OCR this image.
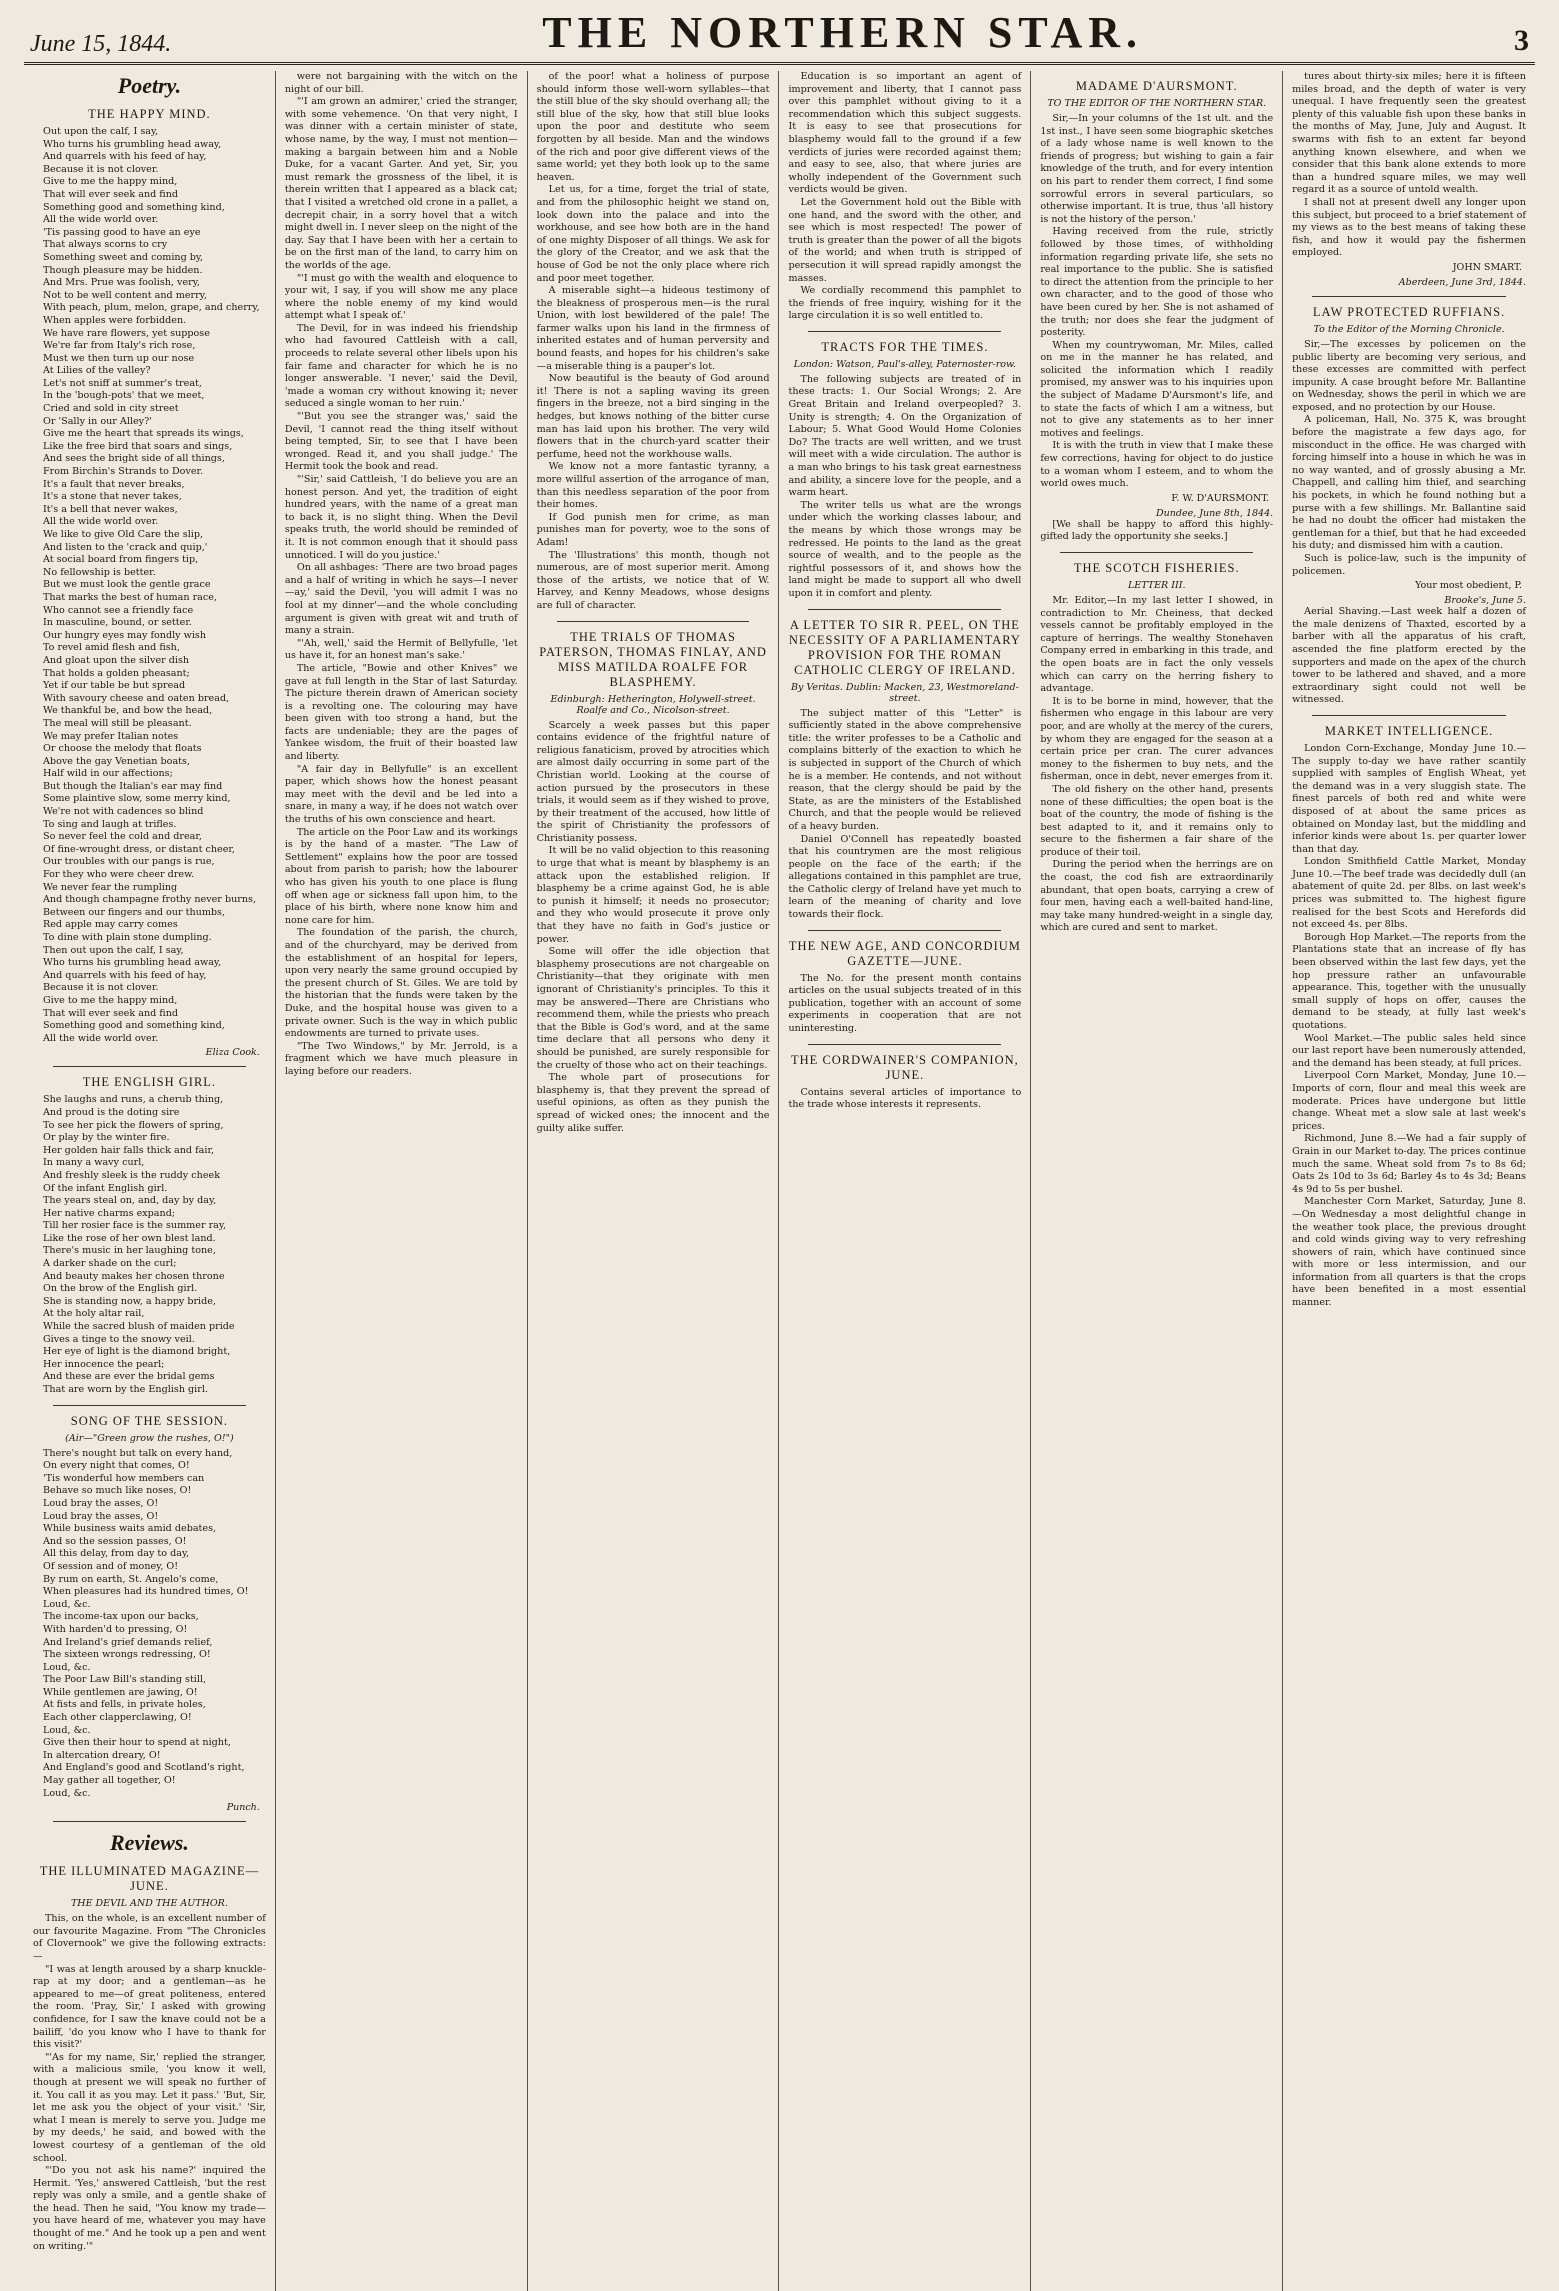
June 15, 1844.	THE NORTHERN STAR.	3
Poetry.
THE HAPPY MIND.
Out upon the calf, I say,
Who turns his grumbling head away,
And quarrels with his feed of hay,
Because it is not clover.
Give to me the happy mind,
That will ever seek and find
Something good and something kind,
All the wide world over.
'Tis passing good to have an eye
That always scorns to cry
Something sweet and coming by,
Though pleasure may be hidden.
And Mrs. Prue was foolish, very,
Not to be well content and merry,
With peach, plum, melon, grape, and cherry,
When apples were forbidden.
We have rare flowers, yet suppose
We're far from Italy's rich rose,
Must we then turn up our nose
At Lilies of the valley?
Let's not sniff at summer's treat,
In the 'bough-pots' that we meet,
Cried and sold in city street
Or 'Sally in our Alley?'
Give me the heart that spreads its wings,
Like the free bird that soars and sings,
And sees the bright side of all things,
From Birchin's Strands to Dover.
It's a fault that never breaks,
It's a stone that never takes,
It's a bell that never wakes,
All the wide world over.
We like to give Old Care the slip,
And listen to the 'crack and quip,'
At social board from fingers tip,
No fellowship is better.
But we must look the gentle grace
That marks the best of human race,
Who cannot see a friendly face
In masculine, bound, or setter.
Our hungry eyes may fondly wish
To revel amid flesh and fish,
And gloat upon the silver dish
That holds a golden pheasant;
Yet if our table be but spread
With savoury cheese and oaten bread,
We thankful be, and bow the head,
The meal will still be pleasant.
We may prefer Italian notes
Or choose the melody that floats
Above the gay Venetian boats,
Half wild in our affections;
But though the Italian's ear may find
Some plaintive slow, some merry kind,
We're not with cadences so blind
To sing and laugh at trifles.
So never feel the cold and drear,
Of fine-wrought dress, or distant cheer,
Our troubles with our pangs is rue,
For they who were cheer drew.
We never fear the rumpling
And though champagne frothy never burns,
Between our fingers and our thumbs,
Red apple may carry comes
To dine with plain stone dumpling.
Then out upon the calf, I say,
Who turns his grumbling head away,
And quarrels with his feed of hay,
Because it is not clover.
Give to me the happy mind,
That will ever seek and find
Something good and something kind,
All the wide world over.
Eliza Cook.
THE ENGLISH GIRL.
She laughs and runs, a cherub thing,
And proud is the doting sire
To see her pick the flowers of spring,
Or play by the winter fire.
Her golden hair falls thick and fair,
In many a wavy curl,
And freshly sleek is the ruddy cheek
Of the infant English girl.
The years steal on, and, day by day,
Her native charms expand;
Till her rosier face is the summer ray,
Like the rose of her own blest land.
There's music in her laughing tone,
A darker shade on the curl;
And beauty makes her chosen throne
On the brow of the English girl.
She is standing now, a happy bride,
At the holy altar rail,
While the sacred blush of maiden pride
Gives a tinge to the snowy veil.
Her eye of light is the diamond bright,
Her innocence the pearl;
And these are ever the bridal gems
That are worn by the English girl.
SONG OF THE SESSION.
(Air—"Green grow the rushes, O!")
There's nought but talk on every hand,
On every night that comes, O!
'Tis wonderful how members can
Behave so much like noses, O!
Loud bray the asses, O!
Loud bray the asses, O!
While business waits amid debates,
And so the session passes, O!
All this delay, from day to day,
Of session and of money, O!
By rum on earth, St. Angelo's come,
When pleasures had its hundred times, O!
Loud, &c.
The income-tax upon our backs,
With harden'd to pressing, O!
And Ireland's grief demands relief,
The sixteen wrongs redressing, O!
Loud, &c.
The Poor Law Bill's standing still,
While gentlemen are jawing, O!
At fists and fells, in private holes,
Each other clapperclawing, O!
Loud, &c.
Give then their hour to spend at night,
In altercation dreary, O!
And England's good and Scotland's right,
May gather all together, O!
Loud, &c.
Punch.
Reviews.
THE ILLUMINATED MAGAZINE—JUNE.
THE DEVIL AND THE AUTHOR.

This, on the whole, is an excellent number of our favourite Magazine. From "The Chronicles of Clovernook" we give the following extracts:—

"I was at length aroused by a sharp knuckle-rap at my door; and a gentleman—as he appeared to me—of great politeness, entered the room. 'Pray, Sir,' I asked with growing confidence, for I saw the knave could not be a bailiff, 'do you know who I have to thank for this visit?'

"'As for my name, Sir,' replied the stranger, with a malicious smile, 'you know it well, though at present we will speak no further of it. You call it as you may. Let it pass.' 'But, Sir, let me ask you the object of your visit.' 'Sir, what I mean is merely to serve you. Judge me by my deeds,' he said, and bowed with the lowest courtesy of a gentleman of the old school.

"'Do you not ask his name?' inquired the Hermit. 'Yes,' answered Cattleish, 'but the rest reply was only a smile, and a gentle shake of the head. Then he said, "You know my trade—you have heard of me, whatever you may have thought of me." And he took up a pen and went on writing.'"

were not bargaining with the witch on the night of our bill.

"'I am grown an admirer,' cried the stranger, with some vehemence. 'On that very night, I was dinner with a certain minister of state, whose name, by the way, I must not mention—making a bargain between him and a Noble Duke, for a vacant Garter. And yet, Sir, you must remark the grossness of the libel, it is therein written that I appeared as a black cat; that I visited a wretched old crone in a pallet, a decrepit chair, in a sorry hovel that a witch might dwell in. I never sleep on the night of the day. Say that I have been with her a certain to be on the first man of the land, to carry him on the worlds of the age.

"'I must go with the wealth and eloquence to your wit, I say, if you will show me any place where the noble enemy of my kind would attempt what I speak of.'

The Devil, for in was indeed his friendship who had favoured Cattleish with a call, proceeds to relate several other libels upon his fair fame and character for which he is no longer answerable. 'I never,' said the Devil, 'made a woman cry without knowing it; never seduced a single woman to her ruin.'

"'But you see the stranger was,' said the Devil, 'I cannot read the thing itself without being tempted, Sir, to see that I have been wronged. Read it, and you shall judge.' The Hermit took the book and read.

"'Sir,' said Cattleish, 'I do believe you are an honest person. And yet, the tradition of eight hundred years, with the name of a great man to back it, is no slight thing. When the Devil speaks truth, the world should be reminded of it. It is not common enough that it should pass unnoticed. I will do you justice.'

On all ashbages: 'There are two broad pages and a half of writing in which he says—I never—ay,' said the Devil, 'you will admit I was no fool at my dinner'—and the whole concluding argument is given with great wit and truth of many a strain.

"'Ah, well,' said the Hermit of Bellyfulle, 'let us have it, for an honest man's sake.'

The article, "Bowie and other Knives" we gave at full length in the Star of last Saturday. The picture therein drawn of American society is a revolting one. The colouring may have been given with too strong a hand, but the facts are undeniable; they are the pages of Yankee wisdom, the fruit of their boasted law and liberty.

"A fair day in Bellyfulle" is an excellent paper, which shows how the honest peasant may meet with the devil and be led into a snare, in many a way, if he does not watch over the truths of his own conscience and heart.

The article on the Poor Law and its workings is by the hand of a master. "The Law of Settlement" explains how the poor are tossed about from parish to parish; how the labourer who has given his youth to one place is flung off when age or sickness fall upon him, to the place of his birth, where none know him and none care for him.

The foundation of the parish, the church, and of the churchyard, may be derived from the establishment of an hospital for lepers, upon very nearly the same ground occupied by the present church of St. Giles. We are told by the historian that the funds were taken by the Duke, and the hospital house was given to a private owner. Such is the way in which public endowments are turned to private uses.

"The Two Windows," by Mr. Jerrold, is a fragment which we have much pleasure in laying before our readers.

of the poor! what a holiness of purpose should inform those well-worn syllables—that the still blue of the sky should overhang all; the still blue of the sky, how that still blue looks upon the poor and destitute who seem forgotten by all beside. Man and the windows of the rich and poor give different views of the same world; yet they both look up to the same heaven.

Let us, for a time, forget the trial of state, and from the philosophic height we stand on, look down into the palace and into the workhouse, and see how both are in the hand of one mighty Disposer of all things. We ask for the glory of the Creator, and we ask that the house of God be not the only place where rich and poor meet together.

A miserable sight—a hideous testimony of the bleakness of prosperous men—is the rural Union, with lost bewildered of the pale! The farmer walks upon his land in the firmness of inherited estates and of human perversity and bound feasts, and hopes for his children's sake—a miserable thing is a pauper's lot.

Now beautiful is the beauty of God around it! There is not a sapling waving its green fingers in the breeze, not a bird singing in the hedges, but knows nothing of the bitter curse man has laid upon his brother. The very wild flowers that in the church-yard scatter their perfume, heed not the workhouse walls.

We know not a more fantastic tyranny, a more willful assertion of the arrogance of man, than this needless separation of the poor from their homes.

If God punish men for crime, as man punishes man for poverty, woe to the sons of Adam!

The 'Illustrations' this month, though not numerous, are of most superior merit. Among those of the artists, we notice that of W. Harvey, and Kenny Meadows, whose designs are full of character.

THE TRIALS OF THOMAS PATERSON, THOMAS FINLAY, AND MISS MATILDA ROALFE FOR BLASPHEMY.
Edinburgh: Hetherington, Holywell-street. Roalfe and Co., Nicolson-street.

Scarcely a week passes but this paper contains evidence of the frightful nature of religious fanaticism, proved by atrocities which are almost daily occurring in some part of the Christian world. Looking at the course of action pursued by the prosecutors in these trials, it would seem as if they wished to prove, by their treatment of the accused, how little of the spirit of Christianity the professors of Christianity possess.

It will be no valid objection to this reasoning to urge that what is meant by blasphemy is an attack upon the established religion. If blasphemy be a crime against God, he is able to punish it himself; it needs no prosecutor; and they who would prosecute it prove only that they have no faith in God's justice or power.

Some will offer the idle objection that blasphemy prosecutions are not chargeable on Christianity—that they originate with men ignorant of Christianity's principles. To this it may be answered—There are Christians who recommend them, while the priests who preach that the Bible is God's word, and at the same time declare that all persons who deny it should be punished, are surely responsible for the cruelty of those who act on their teachings.

The whole part of prosecutions for blasphemy is, that they prevent the spread of useful opinions, as often as they punish the spread of wicked ones; the innocent and the guilty alike suffer.

Education is so important an agent of improvement and liberty, that I cannot pass over this pamphlet without giving to it a recommendation which this subject suggests. It is easy to see that prosecutions for blasphemy would fall to the ground if a few verdicts of juries were recorded against them; and easy to see, also, that where juries are wholly independent of the Government such verdicts would be given.

Let the Government hold out the Bible with one hand, and the sword with the other, and see which is most respected! The power of truth is greater than the power of all the bigots of the world; and when truth is stripped of persecution it will spread rapidly amongst the masses.

We cordially recommend this pamphlet to the friends of free inquiry, wishing for it the large circulation it is so well entitled to.

TRACTS FOR THE TIMES.
London: Watson, Paul's-alley, Paternoster-row.

The following subjects are treated of in these tracts: 1. Our Social Wrongs; 2. Are Great Britain and Ireland overpeopled? 3. Unity is strength; 4. On the Organization of Labour; 5. What Good Would Home Colonies Do? The tracts are well written, and we trust will meet with a wide circulation. The author is a man who brings to his task great earnestness and ability, a sincere love for the people, and a warm heart.

The writer tells us what are the wrongs under which the working classes labour, and the means by which those wrongs may be redressed. He points to the land as the great source of wealth, and to the people as the rightful possessors of it, and shows how the land might be made to support all who dwell upon it in comfort and plenty.

A LETTER TO SIR R. PEEL, ON THE NECESSITY OF A PARLIAMENTARY PROVISION FOR THE ROMAN CATHOLIC CLERGY OF IRELAND.
By Veritas. Dublin: Macken, 23, Westmoreland-street.

The subject matter of this "Letter" is sufficiently stated in the above comprehensive title: the writer professes to be a Catholic and complains bitterly of the exaction to which he is subjected in support of the Church of which he is a member. He contends, and not without reason, that the clergy should be paid by the State, as are the ministers of the Established Church, and that the people would be relieved of a heavy burden.

Daniel O'Connell has repeatedly boasted that his countrymen are the most religious people on the face of the earth; if the allegations contained in this pamphlet are true, the Catholic clergy of Ireland have yet much to learn of the meaning of charity and love towards their flock.

THE NEW AGE, AND CONCORDIUM GAZETTE—JUNE.

The No. for the present month contains articles on the usual subjects treated of in this publication, together with an account of some experiments in cooperation that are not uninteresting.

THE CORDWAINER'S COMPANION, JUNE.

Contains several articles of importance to the trade whose interests it represents.

MADAME D'AURSMONT.
TO THE EDITOR OF THE NORTHERN STAR.

Sir,—In your columns of the 1st ult. and the 1st inst., I have seen some biographic sketches of a lady whose name is well known to the friends of progress; but wishing to gain a fair knowledge of the truth, and for every intention on his part to render them correct, I find some sorrowful errors in several particulars, so otherwise important. It is true, thus 'all history is not the history of the person.'

Having received from the rule, strictly followed by those times, of withholding information regarding private life, she sets no real importance to the public. She is satisfied to direct the attention from the principle to her own character, and to the good of those who have been cured by her. She is not ashamed of the truth; nor does she fear the judgment of posterity.

When my countrywoman, Mr. Miles, called on me in the manner he has related, and solicited the information which I readily promised, my answer was to his inquiries upon the subject of Madame D'Aursmont's life, and to state the facts of which I am a witness, but not to give any statements as to her inner motives and feelings.

It is with the truth in view that I make these few corrections, having for object to do justice to a woman whom I esteem, and to whom the world owes much.

F. W. D'AURSMONT.
Dundee, June 8th, 1844.

[We shall be happy to afford this highly-gifted lady the opportunity she seeks.]

THE SCOTCH FISHERIES.
LETTER III.

Mr. Editor,—In my last letter I showed, in contradiction to Mr. Cheiness, that decked vessels cannot be profitably employed in the capture of herrings. The wealthy Stonehaven Company erred in embarking in this trade, and the open boats are in fact the only vessels which can carry on the herring fishery to advantage.

It is to be borne in mind, however, that the fishermen who engage in this labour are very poor, and are wholly at the mercy of the curers, by whom they are engaged for the season at a certain price per cran. The curer advances money to the fishermen to buy nets, and the fisherman, once in debt, never emerges from it.

The old fishery on the other hand, presents none of these difficulties; the open boat is the boat of the country, the mode of fishing is the best adapted to it, and it remains only to secure to the fishermen a fair share of the produce of their toil.

During the period when the herrings are on the coast, the cod fish are extraordinarily abundant, that open boats, carrying a crew of four men, having each a well-baited hand-line, may take many hundred-weight in a single day, which are cured and sent to market.

tures about thirty-six miles; here it is fifteen miles broad, and the depth of water is very unequal. I have frequently seen the greatest plenty of this valuable fish upon these banks in the months of May, June, July and August. It swarms with fish to an extent far beyond anything known elsewhere, and when we consider that this bank alone extends to more than a hundred square miles, we may well regard it as a source of untold wealth.

I shall not at present dwell any longer upon this subject, but proceed to a brief statement of my views as to the best means of taking these fish, and how it would pay the fishermen employed.

JOHN SMART.
Aberdeen, June 3rd, 1844.
LAW PROTECTED RUFFIANS.
To the Editor of the Morning Chronicle.

Sir,—The excesses by policemen on the public liberty are becoming very serious, and these excesses are committed with perfect impunity. A case brought before Mr. Ballantine on Wednesday, shows the peril in which we are exposed, and no protection by our House.

A policeman, Hall, No. 375 K, was brought before the magistrate a few days ago, for misconduct in the office. He was charged with forcing himself into a house in which he was in no way wanted, and of grossly abusing a Mr. Chappell, and calling him thief, and searching his pockets, in which he found nothing but a purse with a few shillings. Mr. Ballantine said he had no doubt the officer had mistaken the gentleman for a thief, but that he had exceeded his duty; and dismissed him with a caution.

Such is police-law, such is the impunity of policemen.

Your most obedient, P.
Brooke's, June 5.

Aerial Shaving.—Last week half a dozen of the male denizens of Thaxted, escorted by a barber with all the apparatus of his craft, ascended the fine platform erected by the supporters and made on the apex of the church tower to be lathered and shaved, and a more extraordinary sight could not well be witnessed.

MARKET INTELLIGENCE.

London Corn-Exchange, Monday June 10.—The supply to-day we have rather scantily supplied with samples of English Wheat, yet the demand was in a very sluggish state. The finest parcels of both red and white were disposed of at about the same prices as obtained on Monday last, but the middling and inferior kinds were about 1s. per quarter lower than that day.

London Smithfield Cattle Market, Monday June 10.—The beef trade was decidedly dull (an abatement of quite 2d. per 8lbs. on last week's prices was submitted to. The highest figure realised for the best Scots and Herefords did not exceed 4s. per 8lbs.

Borough Hop Market.—The reports from the Plantations state that an increase of fly has been observed within the last few days, yet the hop pressure rather an unfavourable appearance. This, together with the unusually small supply of hops on offer, causes the demand to be steady, at fully last week's quotations.

Wool Market.—The public sales held since our last report have been numerously attended, and the demand has been steady, at full prices.

Liverpool Corn Market, Monday, June 10.—Imports of corn, flour and meal this week are moderate. Prices have undergone but little change. Wheat met a slow sale at last week's prices.

Richmond, June 8.—We had a fair supply of Grain in our Market to-day. The prices continue much the same. Wheat sold from 7s to 8s 6d; Oats 2s 10d to 3s 6d; Barley 4s to 4s 3d; Beans 4s 9d to 5s per bushel.

Manchester Corn Market, Saturday, June 8.—On Wednesday a most delightful change in the weather took place, the previous drought and cold winds giving way to very refreshing showers of rain, which have continued since with more or less intermission, and our information from all quarters is that the crops have been benefited in a most essential manner.
